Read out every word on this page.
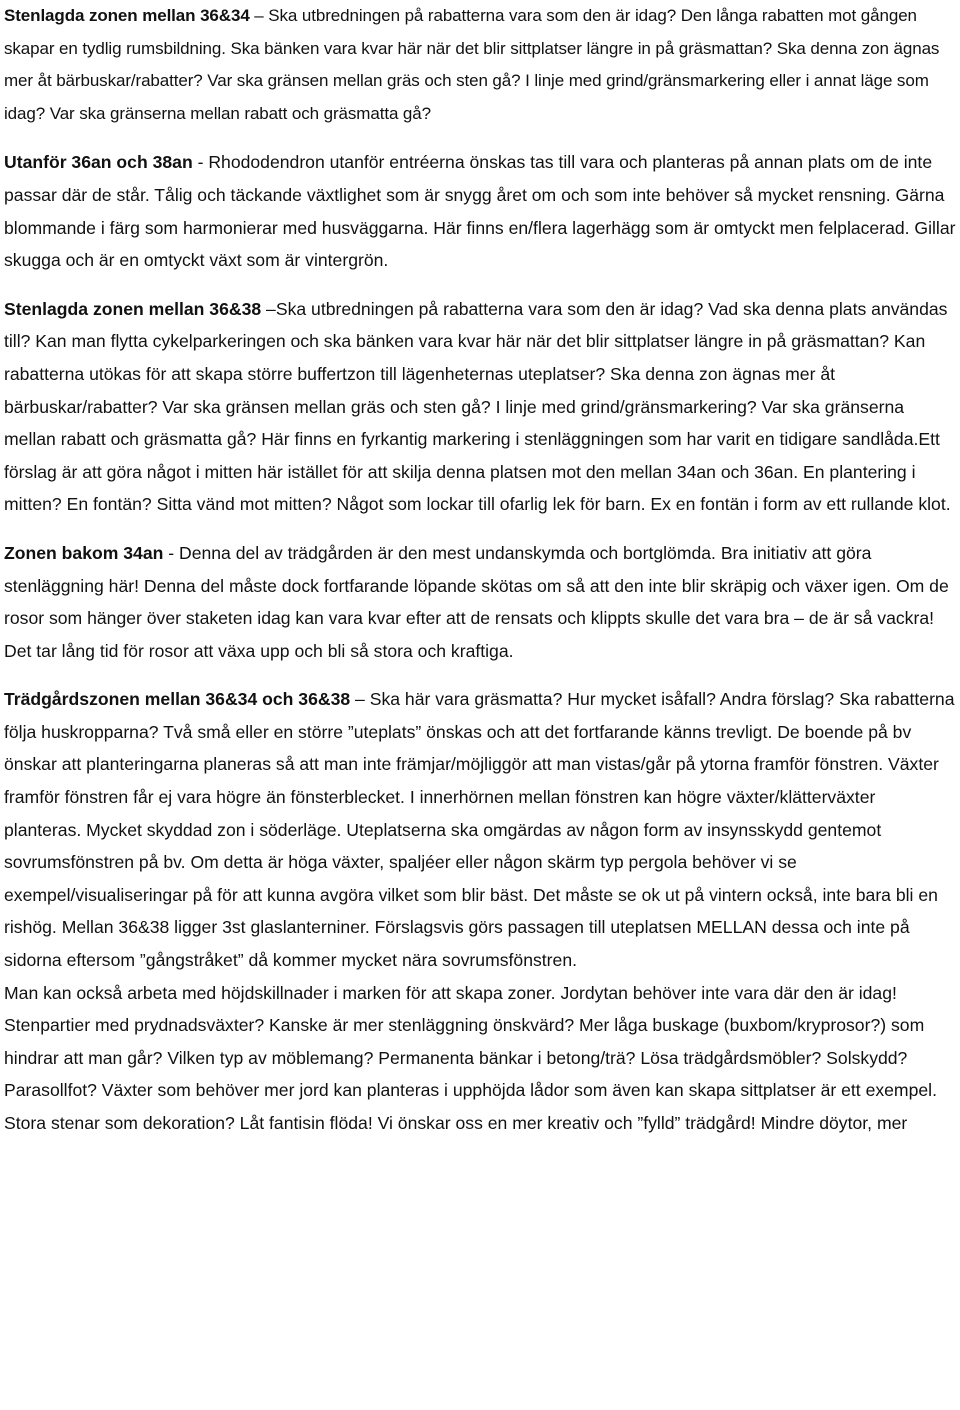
Stenlagda zonen mellan 36&34 – Ska utbredningen på rabatterna vara som den är idag? Den långa rabatten mot gången skapar en tydlig rumsbildning. Ska bänken vara kvar här när det blir sittplatser längre in på gräsmattan? Ska denna zon ägnas mer åt bärbuskar/rabatter? Var ska gränsen mellan gräs och sten gå? I linje med grind/gränsmarkering eller i annat läge som idag? Var ska gränserna mellan rabatt och gräsmatta gå?

Utanför 36an och 38an - Rhododendron utanför entréerna önskas tas till vara och planteras på annan plats om de inte passar där de står. Tålig och täckande växtlighet som är snygg året om och som inte behöver så mycket rensning. Gärna blommande i färg som harmonierar med husväggarna. Här finns en/flera lagerhägg som är omtyckt men felplacerad. Gillar skugga och är en omtyckt växt som är vintergrön.

Stenlagda zonen mellan 36&38 –Ska utbredningen på rabatterna vara som den är idag? Vad ska denna plats användas till? Kan man flytta cykelparkeringen och ska bänken vara kvar här när det blir sittplatser längre in på gräsmattan? Kan rabatterna utökas för att skapa större buffertzon till lägenheternas uteplatser? Ska denna zon ägnas mer åt bärbuskar/rabatter? Var ska gränsen mellan gräs och sten gå? I linje med grind/gränsmarkering? Var ska gränserna mellan rabatt och gräsmatta gå? Här finns en fyrkantig markering i stenläggningen som har varit en tidigare sandlåda.Ett förslag är att göra något i mitten här istället för att skilja denna platsen mot den mellan 34an och 36an. En plantering i mitten? En fontän? Sitta vänd mot mitten? Något som lockar till ofarlig lek för barn. Ex en fontän i form av ett rullande klot.

Zonen bakom 34an - Denna del av trädgården är den mest undanskymda och bortglömda. Bra initiativ att göra stenläggning här! Denna del måste dock fortfarande löpande skötas om så att den inte blir skräpig och växer igen. Om de rosor som hänger över staketen idag kan vara kvar efter att de rensats och klippts skulle det vara bra – de är så vackra! Det tar lång tid för rosor att växa upp och bli så stora och kraftiga.

Trädgårdszonen mellan 36&34 och 36&38 – Ska här vara gräsmatta? Hur mycket isåfall? Andra förslag? Ska rabatterna följa huskropparna? Två små eller en större ”uteplats” önskas och att det fortfarande känns trevligt. De boende på bv önskar att planteringarna planeras så att man inte främjar/möjliggör att man vistas/går på ytorna framför fönstren. Växter framför fönstren får ej vara högre än fönsterblecket. I innerhörnen mellan fönstren kan högre växter/klätterväxter planteras. Mycket skyddad zon i söderläge. Uteplatserna ska omgärdas av någon form av insynsskydd gentemot sovrumsfönstren på bv. Om detta är höga växter, spaljéer eller någon skärm typ pergola behöver vi se exempel/visualiseringar på för att kunna avgöra vilket som blir bäst. Det måste se ok ut på vintern också, inte bara bli en rishög. Mellan 36&38 ligger 3st glaslanterniner. Förslagsvis görs passagen till uteplatsen MELLAN dessa och inte på sidorna eftersom ”gångstråket” då kommer mycket nära sovrumsfönstren.

Man kan också arbeta med höjdskillnader i marken för att skapa zoner. Jordytan behöver inte vara där den är idag! Stenpartier med prydnadsväxter? Kanske är mer stenläggning önskvärd? Mer låga buskage (buxbom/kryprosor?) som hindrar att man går? Vilken typ av möblemang? Permanenta bänkar i betong/trä? Lösa trädgårdsmöbler? Solskydd? Parasollfot? Växter som behöver mer jord kan planteras i upphöjda lådor som även kan skapa sittplatser är ett exempel. Stora stenar som dekoration? Låt fantisin flöda! Vi önskar oss en mer kreativ och ”fylld” trädgård! Mindre döytor, mer
